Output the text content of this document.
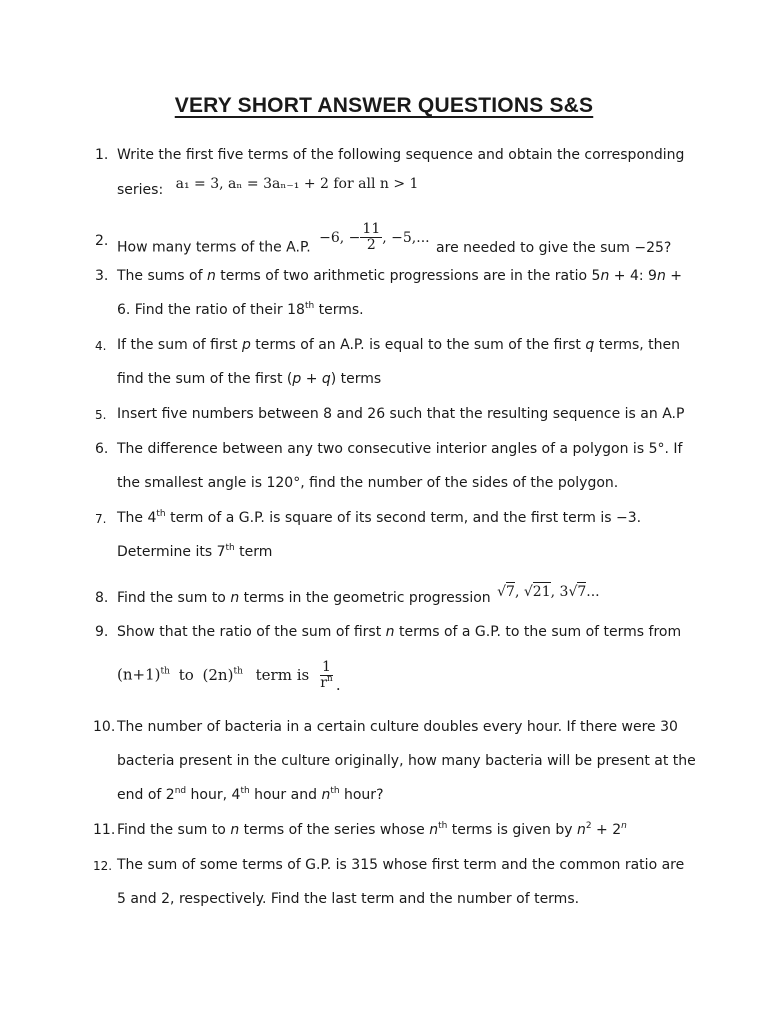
VERY SHORT ANSWER QUESTIONS S&S
1. Write the first five terms of the following sequence and obtain the corresponding
series: a₁ = 3, aₙ = 3aₙ₋₁ + 2 for all n > 1
2. How many terms of the A.P. −6, − $\frac{11}{2}$ , −5,... are needed to give the sum −25?
3. The sums of n terms of two arithmetic progressions are in the ratio 5n + 4: 9n +
6. Find the ratio of their 18th terms.
4. If the sum of first p terms of an A.P. is equal to the sum of the first q terms, then
find the sum of the first (p + q) terms
5. Insert five numbers between 8 and 26 such that the resulting sequence is an A.P
6. The difference between any two consecutive interior angles of a polygon is 5°. If
the smallest angle is 120°, find the number of the sides of the polygon.
7. The 4th term of a G.P. is square of its second term, and the first term is −3.
Determine its 7th term
8. Find the sum to n terms in the geometric progression √7, √21, 3√7...
9. Show that the ratio of the sum of first n terms of a G.P. to the sum of terms from
$(n+1)^{th}$ to $(2n)^{th}$ term is $\frac{1}{r^n}$ .
10. The number of bacteria in a certain culture doubles every hour. If there were 30
bacteria present in the culture originally, how many bacteria will be present at the
end of 2nd hour, 4th hour and $n^{th}$ hour?
11. Find the sum to n terms of the series whose $n^{th}$ terms is given by $n^2 + 2^n$
12. The sum of some terms of G.P. is 315 whose first term and the common ratio are
5 and 2, respectively. Find the last term and the number of terms.
